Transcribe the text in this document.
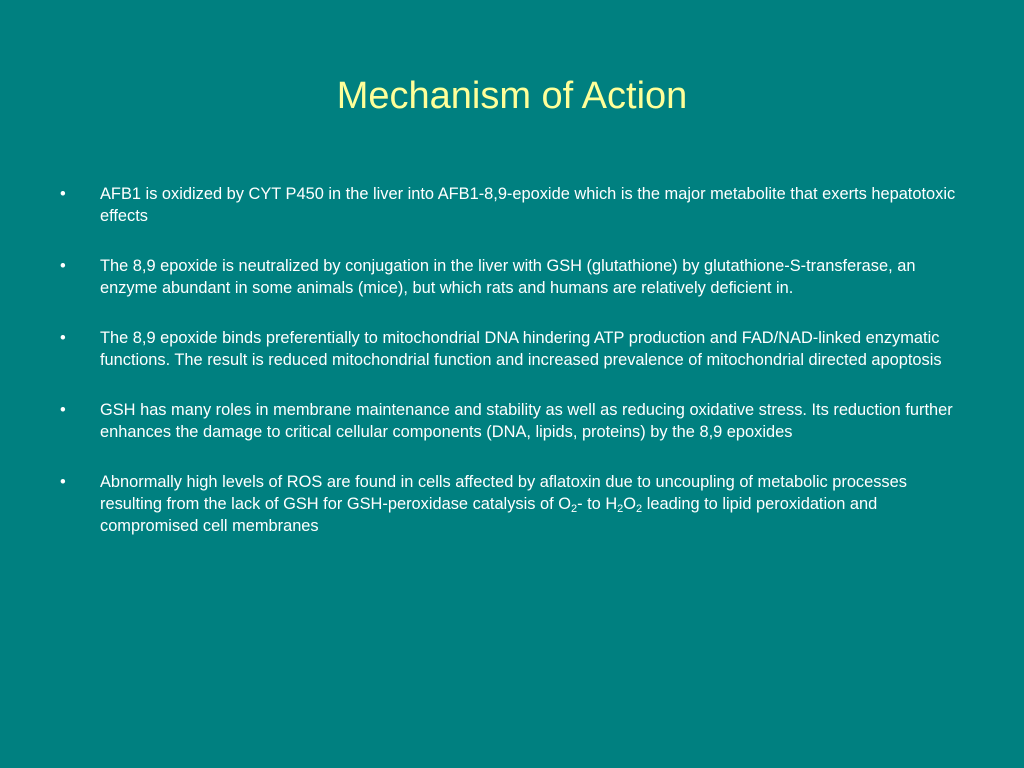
Mechanism of Action
•	AFB1 is oxidized by CYT P450 in the liver into AFB1-8,9-epoxide which is the major metabolite that exerts hepatotoxic effects
•	The 8,9 epoxide is neutralized by conjugation in the liver with GSH (glutathione) by glutathione-S-transferase, an enzyme abundant in some animals (mice), but which rats and humans are relatively deficient in.
•	The 8,9 epoxide binds preferentially to mitochondrial DNA hindering ATP production and FAD/NAD-linked enzymatic functions. The result is reduced mitochondrial function and increased prevalence of mitochondrial directed apoptosis
•	GSH has many roles in membrane maintenance and stability as well as reducing oxidative stress. Its reduction further enhances the damage to critical cellular components (DNA, lipids, proteins) by the 8,9 epoxides
•	Abnormally high levels of ROS are found in cells affected by aflatoxin due to uncoupling of metabolic processes resulting from the lack of GSH for GSH-peroxidase catalysis of $O_2-$ to $H_2O_2$ leading to lipid peroxidation and compromised cell membranes
